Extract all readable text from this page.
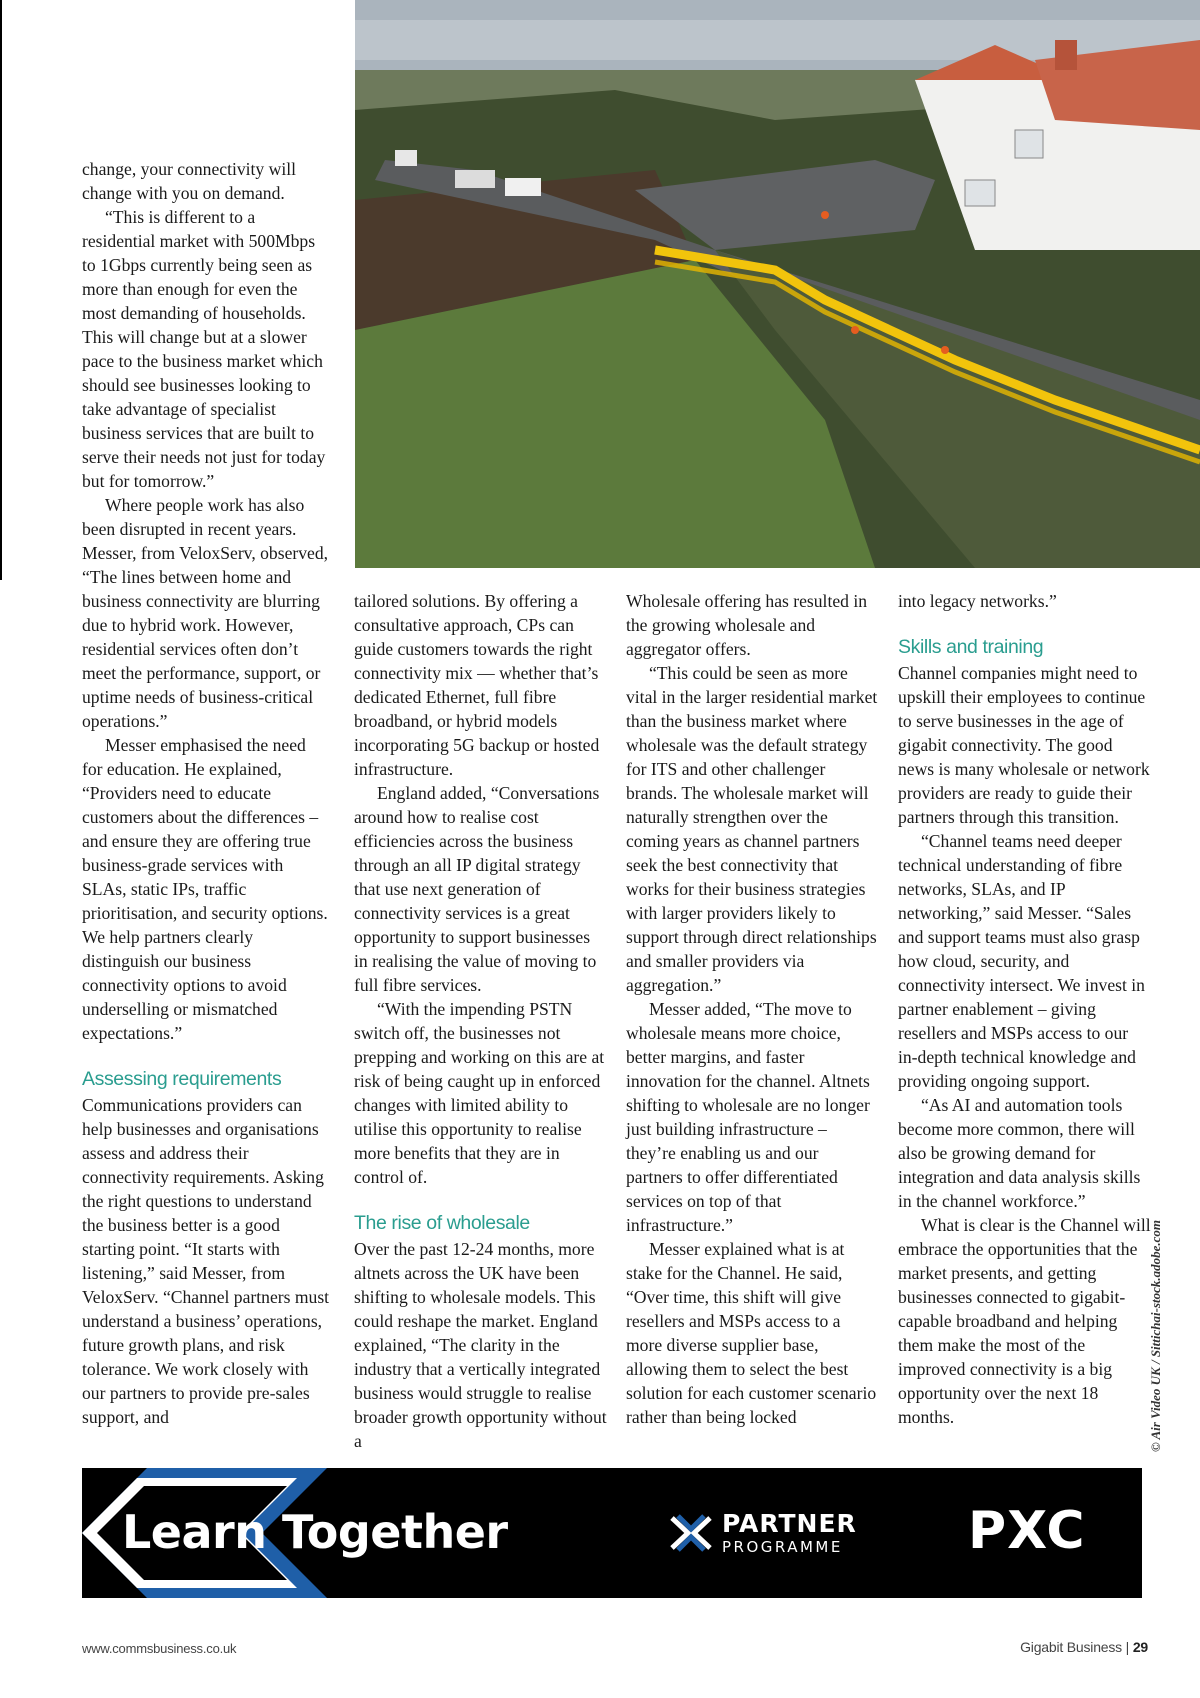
change, your connectivity will change with you on demand.

“This is different to a residential market with 500Mbps to 1Gbps currently being seen as more than enough for even the most demanding of households. This will change but at a slower pace to the business market which should see businesses looking to take advantage of specialist business services that are built to serve their needs not just for today but for tomorrow.”

Where people work has also been disrupted in recent years. Messer, from VeloxServ, observed, “The lines between home and business connectivity are blurring due to hybrid work. However, residential services often don’t meet the performance, support, or uptime needs of business-critical operations.”

Messer emphasised the need for education. He explained, “Providers need to educate customers about the differences – and ensure they are offering true business-grade services with SLAs, static IPs, traffic prioritisation, and security options. We help partners clearly distinguish our business connectivity options to avoid underselling or mismatched expectations.”

Assessing requirements

Communications providers can help businesses and organisations assess and address their connectivity requirements. Asking the right questions to understand the business better is a good starting point. “It starts with listening,” said Messer, from VeloxServ. “Channel partners must understand a business’ operations, future growth plans, and risk tolerance. We work closely with our partners to provide pre-sales support, and

tailored solutions. By offering a consultative approach, CPs can guide customers towards the right connectivity mix — whether that’s dedicated Ethernet, full fibre broadband, or hybrid models incorporating 5G backup or hosted infrastructure.

England added, “Conversations around how to realise cost efficiencies across the business through an all IP digital strategy that use next generation of connectivity services is a great opportunity to support businesses in realising the value of moving to full fibre services.

“With the impending PSTN switch off, the businesses not prepping and working on this are at risk of being caught up in enforced changes with limited ability to utilise this opportunity to realise more benefits that they are in control of.

The rise of wholesale

Over the past 12-24 months, more altnets across the UK have been shifting to wholesale models. This could reshape the market. England explained, “The clarity in the industry that a vertically integrated business would struggle to realise broader growth opportunity without a

Wholesale offering has resulted in the growing wholesale and aggregator offers.

“This could be seen as more vital in the larger residential market than the business market where wholesale was the default strategy for ITS and other challenger brands. The wholesale market will naturally strengthen over the coming years as channel partners seek the best connectivity that works for their business strategies with larger providers likely to support through direct relationships and smaller providers via aggregation.”

Messer added, “The move to wholesale means more choice, better margins, and faster innovation for the channel. Altnets shifting to wholesale are no longer just building infrastructure – they’re enabling us and our partners to offer differentiated services on top of that infrastructure.”

Messer explained what is at stake for the Channel. He said, “Over time, this shift will give resellers and MSPs access to a more diverse supplier base, allowing them to select the best solution for each customer scenario rather than being locked

into legacy networks.”

Skills and training

Channel companies might need to upskill their employees to continue to serve businesses in the age of gigabit connectivity. The good news is many wholesale or network providers are ready to guide their partners through this transition.

“Channel teams need deeper technical understanding of fibre networks, SLAs, and IP networking,” said Messer. “Sales and support teams must also grasp how cloud, security, and connectivity intersect. We invest in partner enablement – giving resellers and MSPs access to our in-depth technical knowledge and providing ongoing support.

“As AI and automation tools become more common, there will also be growing demand for integration and data analysis skills in the channel workforce.”

What is clear is the Channel will embrace the opportunities that the market presents, and getting businesses connected to gigabit-capable broadband and helping them make the most of the improved connectivity is a big opportunity over the next 18 months.	© Air Video UK / Sittichai-stock.adobe.com
Learn Together	PARTNER
PROGRAMME PXC
www.commsbusiness.co.uk	Gigabit Business | 29
